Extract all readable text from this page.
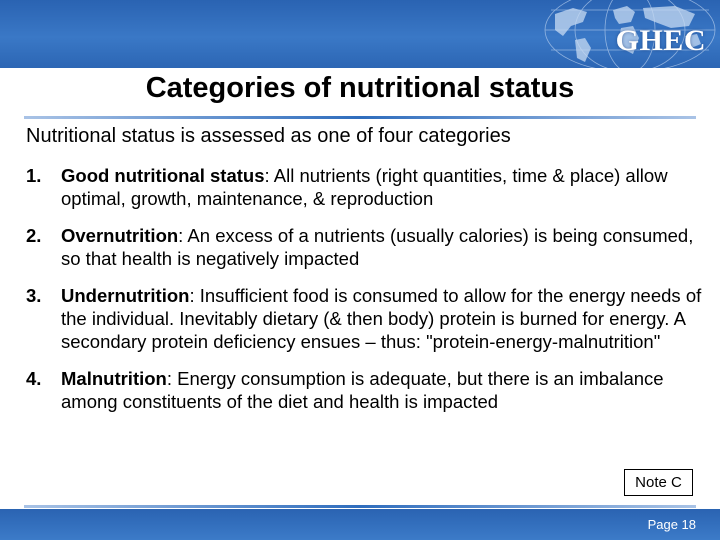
GHEC
Categories of nutritional status
Nutritional status is assessed as one of four categories
1.	Good nutritional status: All nutrients (right quantities, time & place) allow optimal, growth, maintenance, & reproduction
2.	Overnutrition: An excess of a nutrients (usually calories) is being consumed, so that health is negatively impacted
3.	Undernutrition: Insufficient food is consumed to allow for the energy needs of the individual. Inevitably dietary (& then body) protein is burned for energy. A secondary protein deficiency ensues – thus: "protein-energy-malnutrition"
4.	Malnutrition: Energy consumption is adequate, but there is an imbalance among constituents of the diet and health is impacted
Note C
Page 18
